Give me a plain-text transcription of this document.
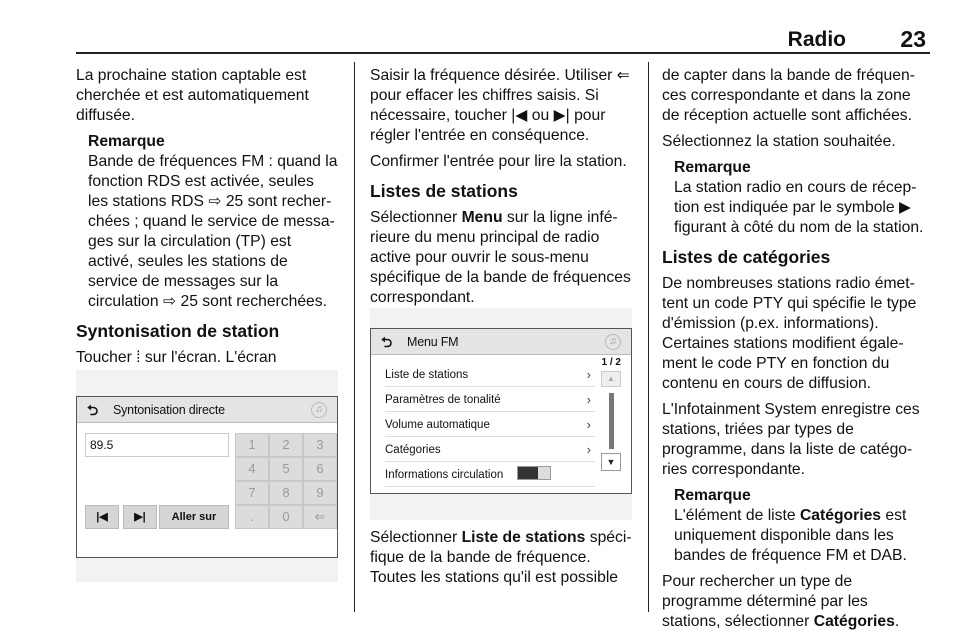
Radio 23

La prochaine station captable est cherchée et est automatiquement diffusée.

Remarque
Bande de fréquences FM : quand la fonction RDS est activée, seules les stations RDS ⇨ 25 sont recher-chées ; quand le service de messa-ges sur la circulation (TP) est activé, seules les stations de service de messages sur la circulation ⇨ 25 sont recherchées.
Syntonisation de station

Toucher ⁞ sur l'écran. L'écran

⮌ Syntonisation directe	♫
89.5
|◀	▶|	Aller sur
1	2	3
4	5	6
7	8	9
.	0	⇐

Saisir la fréquence désirée. Utiliser ⇐ pour effacer les chiffres saisis. Si nécessaire, toucher |◀ ou ▶| pour régler l'entrée en conséquence.

Confirmer l'entrée pour lire la station.

Listes de stations

Sélectionner Menu sur la ligne infé-rieure du menu principal de radio active pour ouvrir le sous-menu spécifique de la bande de fréquences correspondant.

⮌ Menu FM	♫
1 / 2
▲
▼
Liste de stations	›
Paramètres de tonalité	›
Volume automatique	›
Catégories	›
Informations circulation

Sélectionner Liste de stations spéci-fique de la bande de fréquence. Toutes les stations qu'il est possible

de capter dans la bande de fréquen-ces correspondante et dans la zone de réception actuelle sont affichées.

Sélectionnez la station souhaitée.

Remarque
La station radio en cours de récep-tion est indiquée par le symbole ▶ figurant à côté du nom de la station.
Listes de catégories

De nombreuses stations radio émet-tent un code PTY qui spécifie le type d'émission (p.ex. informations). Certaines stations modifient égale-ment le code PTY en fonction du contenu en cours de diffusion.

L'Infotainment System enregistre ces stations, triées par types de programme, dans la liste de catégo-ries correspondante.

Remarque
L'élément de liste Catégories est uniquement disponible dans les bandes de fréquence FM et DAB.

Pour rechercher un type de programme déterminé par les stations, sélectionner Catégories.
